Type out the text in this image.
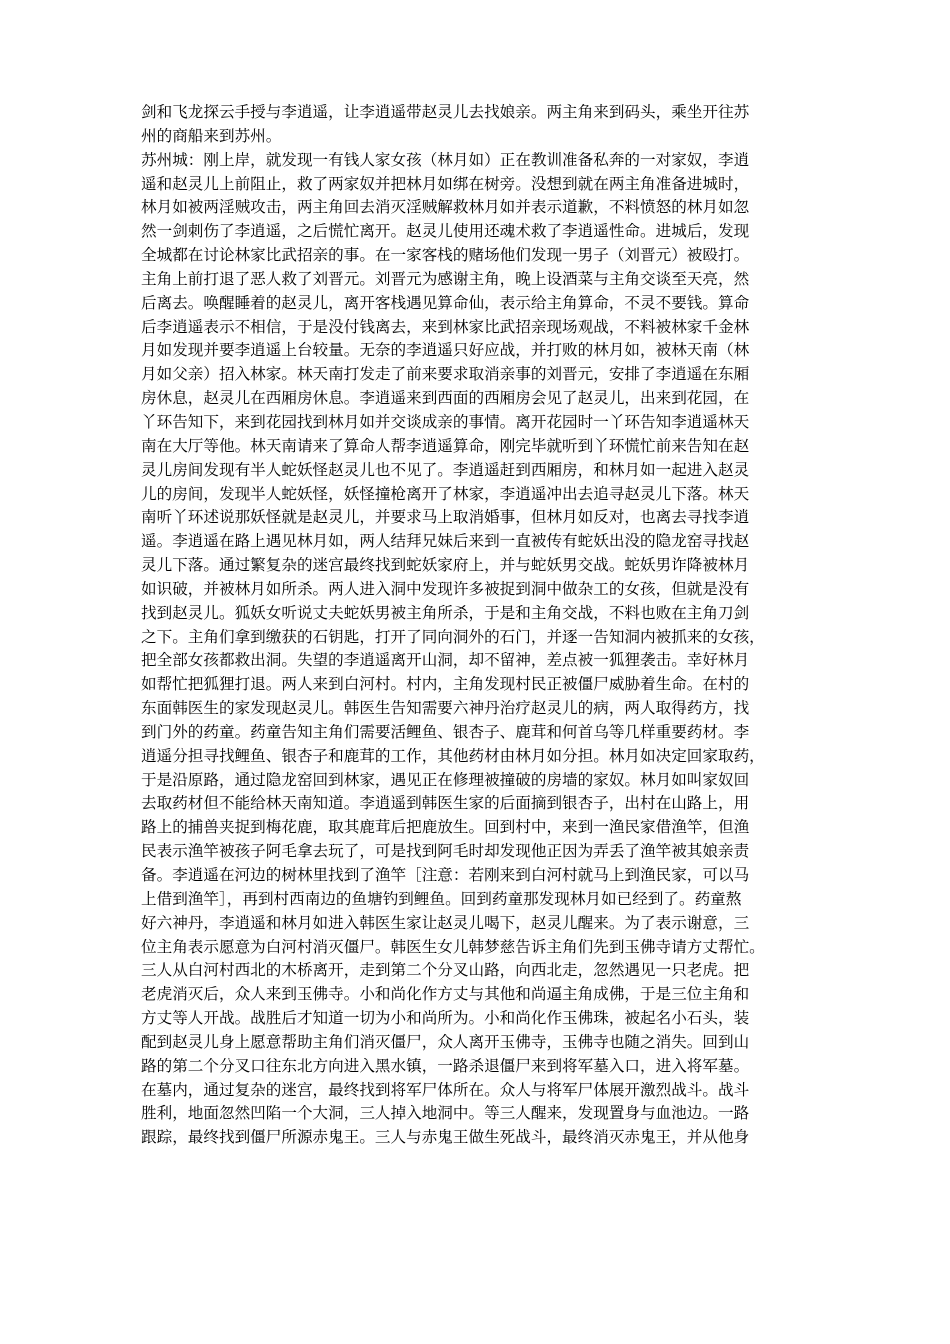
剑和飞龙探云手授与李逍遥，让李逍遥带赵灵儿去找娘亲。两主角来到码头，乘坐开往苏
州的商船来到苏州。
苏州城：刚上岸，就发现一有钱人家女孩（林月如）正在教训准备私奔的一对家奴，李逍
遥和赵灵儿上前阻止，救了两家奴并把林月如绑在树旁。没想到就在两主角准备进城时，
林月如被两淫贼攻击，两主角回去消灭淫贼解救林月如并表示道歉，不料愤怒的林月如忽
然一剑刺伤了李逍遥，之后慌忙离开。赵灵儿使用还魂术救了李逍遥性命。进城后，发现
全城都在讨论林家比武招亲的事。在一家客栈的赌场他们发现一男子（刘晋元）被殴打。
主角上前打退了恶人救了刘晋元。刘晋元为感谢主角，晚上设酒菜与主角交谈至天亮，然
后离去。唤醒睡着的赵灵儿，离开客栈遇见算命仙，表示给主角算命，不灵不要钱。算命
后李逍遥表示不相信，于是没付钱离去，来到林家比武招亲现场观战，不料被林家千金林
月如发现并要李逍遥上台较量。无奈的李逍遥只好应战，并打败的林月如，被林天南（林
月如父亲）招入林家。林天南打发走了前来要求取消亲事的刘晋元，安排了李逍遥在东厢
房休息，赵灵儿在西厢房休息。李逍遥来到西面的西厢房会见了赵灵儿，出来到花园，在
丫环告知下，来到花园找到林月如并交谈成亲的事情。离开花园时一丫环告知李逍遥林天
南在大厅等他。林天南请来了算命人帮李逍遥算命，刚完毕就听到丫环慌忙前来告知在赵
灵儿房间发现有半人蛇妖怪赵灵儿也不见了。李逍遥赶到西厢房，和林月如一起进入赵灵
儿的房间，发现半人蛇妖怪，妖怪撞枪离开了林家，李逍遥冲出去追寻赵灵儿下落。林天
南听丫环述说那妖怪就是赵灵儿，并要求马上取消婚事，但林月如反对，也离去寻找李逍
遥。李逍遥在路上遇见林月如，两人结拜兄妹后来到一直被传有蛇妖出没的隐龙窑寻找赵
灵儿下落。通过繁复杂的迷宫最终找到蛇妖家府上，并与蛇妖男交战。蛇妖男诈降被林月
如识破，并被林月如所杀。两人进入洞中发现许多被捉到洞中做杂工的女孩，但就是没有
找到赵灵儿。狐妖女听说丈夫蛇妖男被主角所杀，于是和主角交战，不料也败在主角刀剑
之下。主角们拿到缴获的石钥匙，打开了同向洞外的石门，并逐一告知洞内被抓来的女孩，
把全部女孩都救出洞。失望的李逍遥离开山洞，却不留神，差点被一狐狸袭击。幸好林月
如帮忙把狐狸打退。两人来到白河村。村内，主角发现村民正被僵尸威胁着生命。在村的
东面韩医生的家发现赵灵儿。韩医生告知需要六神丹治疗赵灵儿的病，两人取得药方，找
到门外的药童。药童告知主角们需要活鲤鱼、银杏子、鹿茸和何首乌等几样重要药材。李
逍遥分担寻找鲤鱼、银杏子和鹿茸的工作，其他药材由林月如分担。林月如决定回家取药，
于是沿原路，通过隐龙窑回到林家，遇见正在修理被撞破的房墙的家奴。林月如叫家奴回
去取药材但不能给林天南知道。李逍遥到韩医生家的后面摘到银杏子，出村在山路上，用
路上的捕兽夹捉到梅花鹿，取其鹿茸后把鹿放生。回到村中，来到一渔民家借渔竿，但渔
民表示渔竿被孩子阿毛拿去玩了，可是找到阿毛时却发现他正因为弄丢了渔竿被其娘亲责
备。李逍遥在河边的树林里找到了渔竿［注意：若刚来到白河村就马上到渔民家，可以马
上借到渔竿］，再到村西南边的鱼塘钓到鲤鱼。回到药童那发现林月如已经到了。药童熬
好六神丹，李逍遥和林月如进入韩医生家让赵灵儿喝下，赵灵儿醒来。为了表示谢意，三
位主角表示愿意为白河村消灭僵尸。韩医生女儿韩梦慈告诉主角们先到玉佛寺请方丈帮忙。
三人从白河村西北的木桥离开，走到第二个分叉山路，向西北走，忽然遇见一只老虎。把
老虎消灭后，众人来到玉佛寺。小和尚化作方丈与其他和尚逼主角成佛，于是三位主角和
方丈等人开战。战胜后才知道一切为小和尚所为。小和尚化作玉佛珠，被起名小石头，装
配到赵灵儿身上愿意帮助主角们消灭僵尸，众人离开玉佛寺，玉佛寺也随之消失。回到山
路的第二个分叉口往东北方向进入黑水镇，一路杀退僵尸来到将军墓入口，进入将军墓。
在墓内，通过复杂的迷宫，最终找到将军尸体所在。众人与将军尸体展开激烈战斗。战斗
胜利，地面忽然凹陷一个大洞，三人掉入地洞中。等三人醒来，发现置身与血池边。一路
跟踪，最终找到僵尸所源赤鬼王。三人与赤鬼王做生死战斗，最终消灭赤鬼王，并从他身
